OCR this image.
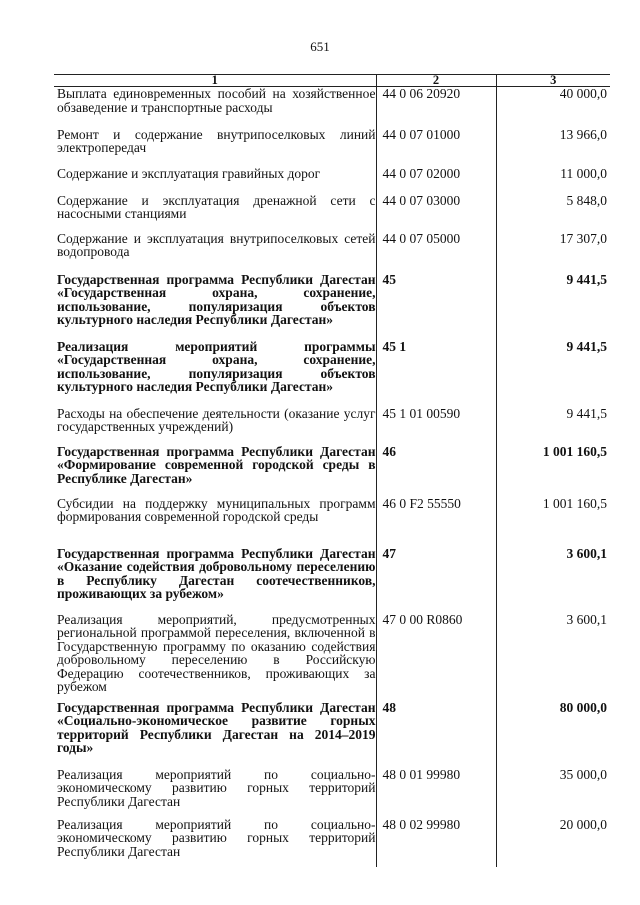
651
1	2	3
Выплата единовременных пособий на хозяйственное обзаведение и транспортные расходы	44 0 06 20920	40 000,0
Ремонт и содержание внутрипоселковых линий электропередач	44 0 07 01000	13 966,0
Содержание и эксплуатация гравийных дорог	44 0 07 02000	11 000,0
Содержание и эксплуатация дренажной сети с насосными станциями	44 0 07 03000	5 848,0
Содержание и эксплуатация внутрипоселковых сетей водопровода	44 0 07 05000	17 307,0
Государственная программа Республики Дагестан «Государственная охрана, сохранение, использование, популяризация объектов культурного наследия Республики Дагестан»	45	9 441,5
Реализация мероприятий программы «Государственная охрана, сохранение, использование, популяризация объектов культурного наследия Республики Дагестан»	45 1	9 441,5
Расходы на обеспечение деятельности (оказание услуг государственных учреждений)	45 1 01 00590	9 441,5
Государственная программа Республики Дагестан «Формирование современной городской среды в Республике Дагестан»	46	1 001 160,5
Субсидии на поддержку муниципальных программ формирования современной городской среды	46 0 F2 55550	1 001 160,5
Государственная программа Республики Дагестан «Оказание содействия добровольному переселению в Республику Дагестан соотечественников, проживающих за рубежом»	47	3 600,1
Реализация мероприятий, предусмотренных региональной программой переселения, включенной в Государственную программу по оказанию содействия добровольному переселению в Российскую Федерацию соотечественников, проживающих за рубежом	47 0 00 R0860	3 600,1
Государственная программа Республики Дагестан «Социально-экономическое развитие горных территорий Республики Дагестан на 2014–2019 годы»	48	80 000,0
Реализация мероприятий по социально-экономическому развитию горных территорий Республики Дагестан	48 0 01 99980	35 000,0
Реализация мероприятий по социально-экономическому развитию горных территорий Республики Дагестан	48 0 02 99980	20 000,0
